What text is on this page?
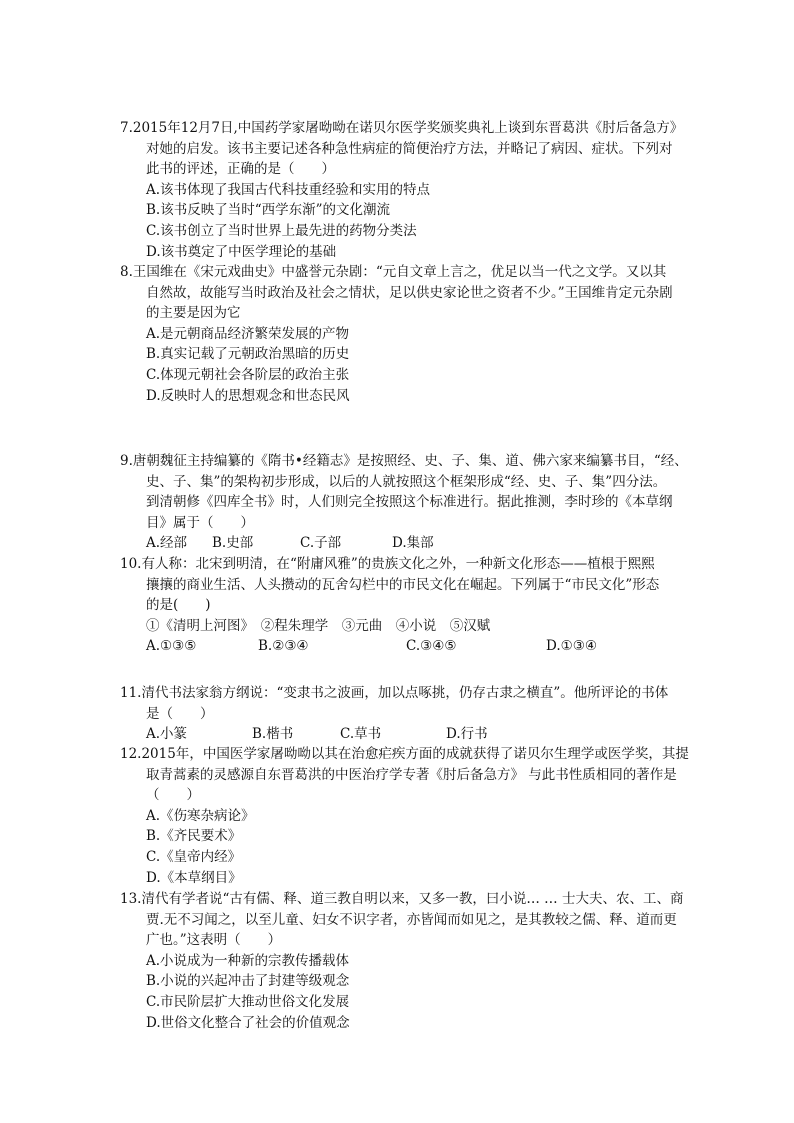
7.2015年12月7日,中国药学家屠呦呦在诺贝尔医学奖颁奖典礼上谈到东晋葛洪《肘后备急方》
对她的启发。该书主要记述各种急性病症的简便治疗方法，并略记了病因、症状。下列对
此书的评述，正确的是（　　）
A.该书体现了我国古代科技重经验和实用的特点
B.该书反映了当时“西学东渐”的文化潮流
C.该书创立了当时世界上最先进的药物分类法
D.该书奠定了中医学理论的基础
8.王国维在《宋元戏曲史》中盛誉元杂剧：“元自文章上言之，优足以当一代之文学。又以其
自然故，故能写当时政治及社会之情状，足以供史家论世之资者不少。”王国维肯定元杂剧
的主要是因为它
A.是元朝商品经济繁荣发展的产物
B.真实记载了元朝政治黑暗的历史
C.体现元朝社会各阶层的政治主张
D.反映时人的思想观念和世态民风
9.唐朝魏征主持编纂的《隋书•经籍志》是按照经、史、子、集、道、佛六家来编纂书目，“经、
史、子、集”的架构初步形成，以后的人就按照这个框架形成“经、史、子、集”四分法。
到清朝修《四库全书》时，人们则完全按照这个标准进行。据此推测，李时珍的《本草纲
目》属于（　　）
A.经部	B.史部	C.子部	D.集部
10.有人称：北宋到明清，在“附庸风雅”的贵族文化之外，一种新文化形态——植根于熙熙
攘攘的商业生活、人头攒动的瓦舍勾栏中的市民文化在崛起。下列属于“市民文化”形态
的是(　　)
①《清明上河图》　②程朱理学　③元曲　④小说　⑤汉赋
A.①③⑤	B.②③④	C.③④⑤	D.①③④
11.清代书法家翁方纲说：“变隶书之波画，加以点啄挑，仍存古隶之横直”。他所评论的书体
是（　　）
A.小篆	B.楷书	C.草书	D.行书
12.2015年，中国医学家屠呦呦以其在治愈疟疾方面的成就获得了诺贝尔生理学或医学奖，其提
取青蒿素的灵感源自东晋葛洪的中医治疗学专著《肘后备急方》 与此书性质相同的著作是
（　　）
A.《伤寒杂病论》
B.《齐民要术》
C.《皇帝内经》
D.《本草纲目》
13.清代有学者说“古有儒、释、道三教自明以来，又多一教，曰小说… … 士大夫、农、工、商
贾.无不习闻之，以至儿童、妇女不识字者，亦皆闻而如见之，是其教较之儒、释、道而更
广也。”这表明（　　）
A.小说成为一种新的宗教传播载体
B.小说的兴起冲击了封建等级观念
C.市民阶层扩大推动世俗文化发展
D.世俗文化整合了社会的价值观念
